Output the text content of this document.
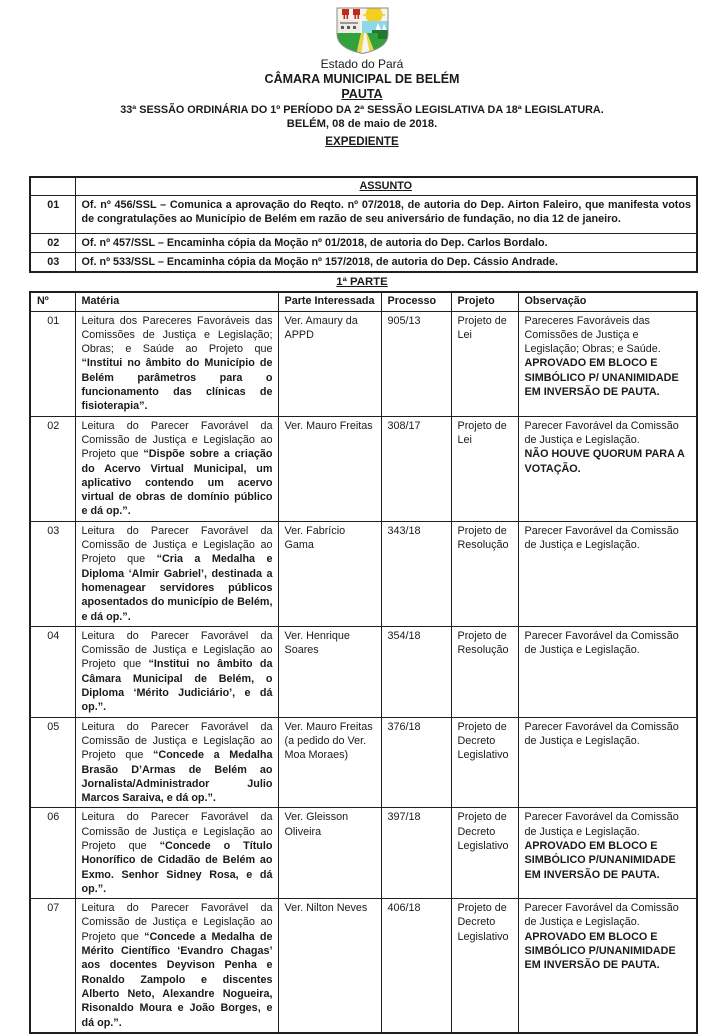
Estado do Pará
CÂMARA MUNICIPAL DE BELÉM
PAUTA
33ª SESSÃO ORDINÁRIA DO 1º PERÍODO DA 2ª SESSÃO LEGISLATIVA DA 18ª LEGISLATURA.
BELÉM, 08 de maio de 2018.
EXPEDIENTE
	ASSUNTO
01	Of. nº 456/SSL – Comunica a aprovação do Reqto. nº 07/2018, de autoria do Dep. Airton Faleiro, que manifesta votos de congratulações ao Município de Belém em razão de seu aniversário de fundação, no dia 12 de janeiro.
02	Of. nº 457/SSL – Encaminha cópia da Moção nº 01/2018, de autoria do Dep. Carlos Bordalo.
03	Of. nº 533/SSL – Encaminha cópia da Moção nº 157/2018, de autoria do Dep. Cássio Andrade.
1ª PARTE
Nº	Matéria	Parte Interessada	Processo	Projeto	Observação
01	Leitura dos Pareceres Favoráveis das Comissões de Justiça e Legislação; Obras; e Saúde ao Projeto que “Institui no âmbito do Município de Belém parâmetros para o funcionamento das clínicas de fisioterapia”.	Ver. Amaury da APPD	905/13	Projeto de Lei	Pareceres Favoráveis das Comissões de Justiça e Legislação; Obras; e Saúde.
APROVADO EM BLOCO E SIMBÓLICO P/ UNANIMIDADE EM INVERSÃO DE PAUTA.

02	Leitura do Parecer Favorável da Comissão de Justiça e Legislação ao Projeto que “Dispõe sobre a criação do Acervo Virtual Municipal, um aplicativo contendo um acervo virtual de obras de domínio público e dá op.”.	Ver. Mauro Freitas	308/17	Projeto de Lei	Parecer Favorável da Comissão de Justiça e Legislação.
NÃO HOUVE QUORUM PARA A VOTAÇÃO.

03	Leitura do Parecer Favorável da Comissão de Justiça e Legislação ao Projeto que “Cria a Medalha e Diploma ‘Almir Gabriel’, destinada a homenagear servidores públicos aposentados do município de Belém, e dá op.”.	Ver. Fabrício Gama	343/18	Projeto de Resolução	Parecer Favorável da Comissão de Justiça e Legislação.

04	Leitura do Parecer Favorável da Comissão de Justiça e Legislação ao Projeto que “Institui no âmbito da Câmara Municipal de Belém, o Diploma ‘Mérito Judiciário’, e dá op.”.	Ver. Henrique Soares	354/18	Projeto de Resolução	Parecer Favorável da Comissão de Justiça e Legislação.

05	Leitura do Parecer Favorável da Comissão de Justiça e Legislação ao Projeto que “Concede a Medalha Brasão D’Armas de Belém ao Jornalista/Administrador Julio Marcos Saraiva, e dá op.”.	Ver. Mauro Freitas (a pedido do Ver. Moa Moraes)	376/18	Projeto de Decreto Legislativo	Parecer Favorável da Comissão de Justiça e Legislação.

06	Leitura do Parecer Favorável da Comissão de Justiça e Legislação ao Projeto que “Concede o Título Honorífico de Cidadão de Belém ao Exmo. Senhor Sidney Rosa, e dá op.”.	Ver. Gleisson Oliveira	397/18	Projeto de Decreto Legislativo	Parecer Favorável da Comissão de Justiça e Legislação.
APROVADO EM BLOCO E SIMBÓLICO P/UNANIMIDADE EM INVERSÃO DE PAUTA.

07	Leitura do Parecer Favorável da Comissão de Justiça e Legislação ao Projeto que “Concede a Medalha de Mérito Científico ‘Evandro Chagas’ aos docentes Deyvison Penha e Ronaldo Zampolo e discentes Alberto Neto, Alexandre Nogueira, Risonaldo Moura e João Borges, e dá op.”.	Ver. Nilton Neves	406/18	Projeto de Decreto Legislativo	Parecer Favorável da Comissão de Justiça e Legislação.
APROVADO EM BLOCO E SIMBÓLICO P/UNANIMIDADE EM INVERSÃO DE PAUTA.
